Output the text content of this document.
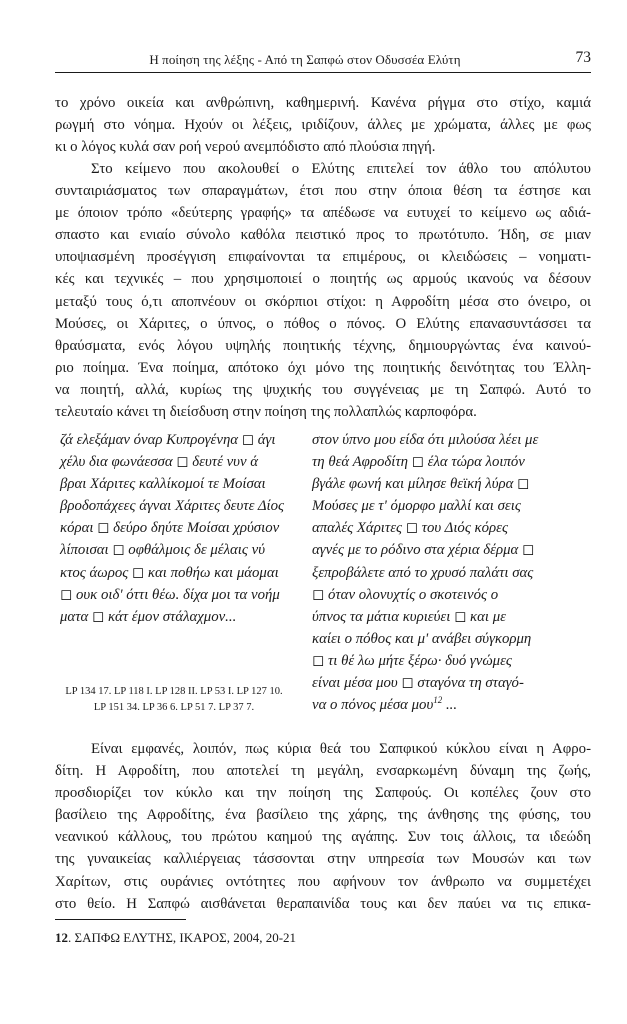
Η ποίηση της λέξης - Από τη Σαπφώ στον Οδυσσέα Ελύτη	73
το χρόνο οικεία και ανθρώπινη, καθημερινή. Κανένα ρήγμα στο στίχο, καμιά
ρωγμή στο νόημα. Ηχούν οι λέξεις, ιριδίζουν, άλλες με χρώματα, άλλες με φως
κι ο λόγος κυλά σαν ροή νερού ανεμπόδιστο από πλούσια πηγή.
Στο κείμενο που ακολουθεί ο Ελύτης επιτελεί τον άθλο του απόλυτου
συνταιριάσματος των σπαραγμάτων, έτσι που στην όποια θέση τα έστησε και
με όποιον τρόπο «δεύτερης γραφής» τα απέδωσε να ευτυχεί το κείμενο ως αδιά-
σπαστο και ενιαίο σύνολο καθόλα πειστικό προς το πρωτότυπο. Ήδη, σε μιαν
υποψιασμένη προσέγγιση επιφαίνονται τα επιμέρους, οι κλειδώσεις – νοηματι-
κές και τεχνικές – που χρησιμοποιεί ο ποιητής ως αρμούς ικανούς να δέσουν
μεταξύ τους ό,τι αποπνέουν οι σκόρπιοι στίχοι: η Αφροδίτη μέσα στο όνειρο, οι
Μούσες, οι Χάριτες, ο ύπνος, ο πόθος ο πόνος. Ο Ελύτης επανασυντάσσει τα
θραύσματα, ενός λόγου υψηλής ποιητικής τέχνης, δημιουργώντας ένα καινού-
ριο ποίημα. Ένα ποίημα, απότοκο όχι μόνο της ποιητικής δεινότητας του Έλλη-
να ποιητή, αλλά, κυρίως της ψυχικής του συγγένειας με τη Σαπφώ. Αυτό το
τελευταίο κάνει τη διείσδυση στην ποίηση της πολλαπλώς καρποφόρα.
ζά ελεξάμαν όναρ Κυπρογένηα ◻ άγι
χέλυ δια φωνάεσσα ◻ δευτέ νυν ά
βραι Χάριτες καλλίκομοί τε Μοίσαι
βροδοπάχεες άγναι Χάριτες δευτε Δίος
κόραι ◻ δεύρο δηύτε Μοίσαι χρύσιον
λίποισαι ◻ οφθάλμοις δε μέλαις νύ
κτος άωρος ◻ και ποθήω και μάομαι
◻ ουκ οιδ' όττι θέω. δίχα μοι τα νοήμ
ματα ◻ κάτ έμον στάλαχμον...
στον ύπνο μου είδα ότι μιλούσα λέει με
τη θεά Αφροδίτη ◻ έλα τώρα λοιπόν
βγάλε φωνή και μίλησε θεϊκή λύρα ◻
Μούσες με τ' όμορφο μαλλί και σεις
απαλές Χάριτες ◻ του Διός κόρες
αγνές με το ρόδινο στα χέρια δέρμα ◻
ξεπροβάλετε από το χρυσό παλάτι σας
◻ όταν ολονυχτίς ο σκοτεινός ο
ύπνος τα μάτια κυριεύει ◻ και με
καίει ο πόθος και μ' ανάβει σύγκορμη
◻ τι θέ λω μήτε ξέρω· δυό γνώμες
είναι μέσα μου ◻ σταγόνα τη σταγό-
να ο πόνος μέσα μου$^{12}$ ...
LP 134 17. LP 118 I. LP 128 II. LP 53 I. LP 127 10.
LP 151 34. LP 36 6. LP 51 7. LP 37 7.
Είναι εμφανές, λοιπόν, πως κύρια θεά του Σαπφικού κύκλου είναι η Αφρο-
δίτη. Η Αφροδίτη, που αποτελεί τη μεγάλη, ενσαρκωμένη δύναμη της ζωής,
προσδιορίζει τον κύκλο και την ποίηση της Σαπφούς. Οι κοπέλες ζουν στο
βασίλειο της Αφροδίτης, ένα βασίλειο της χάρης, της άνθησης της φύσης, του
νεανικού κάλλους, του πρώτου καημού της αγάπης. Συν τοις άλλοις, τα ιδεώδη
της γυναικείας καλλιέργειας τάσσονται στην υπηρεσία των Μουσών και των
Χαρίτων, στις ουράνιες οντότητες που αφήνουν τον άνθρωπο να συμμετέχει
στο θείο. Η Σαπφώ αισθάνεται θεραπαινίδα τους και δεν παύει να τις επικα-
12. ΣΑΠΦΩ ΕΛΥΤΗΣ, ΙΚΑΡΟΣ, 2004, 20-21
